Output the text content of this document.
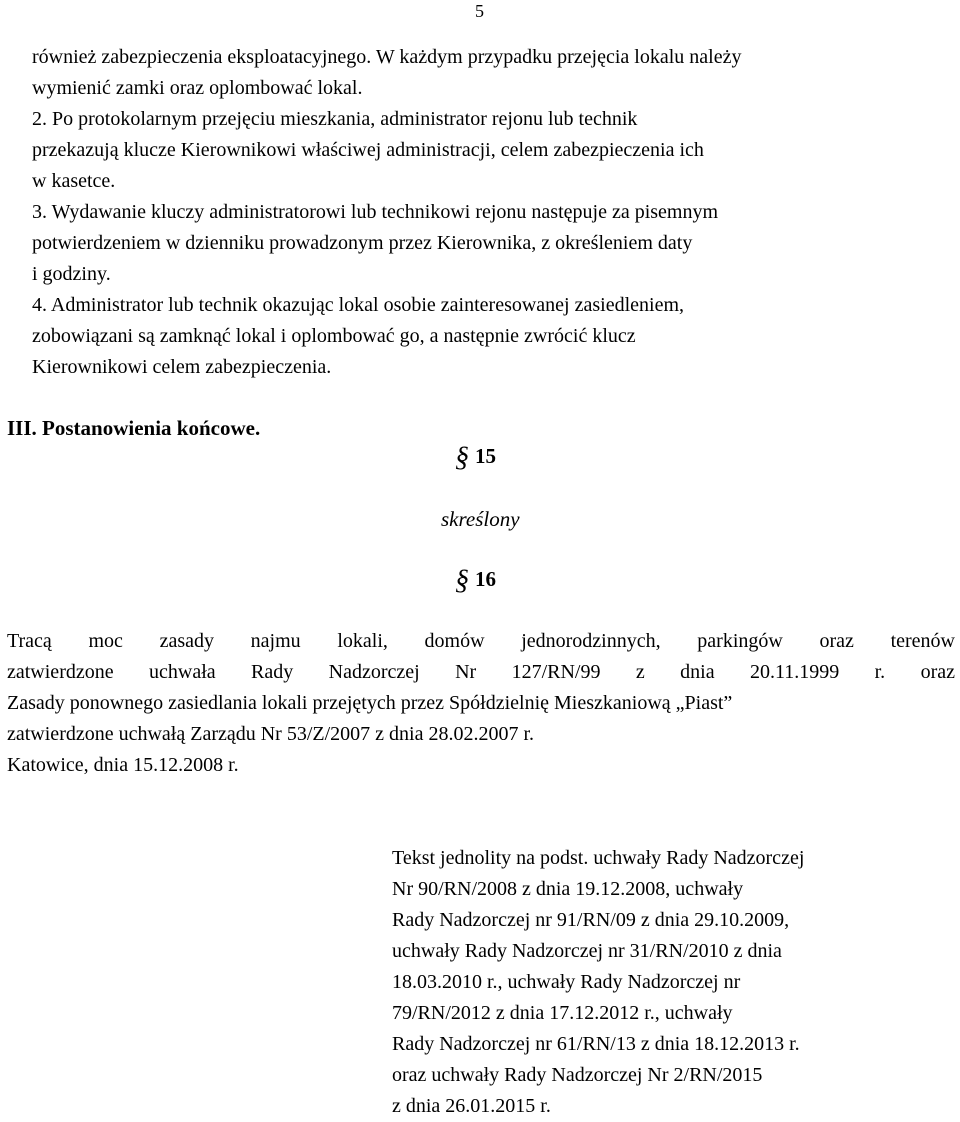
5
również zabezpieczenia eksploatacyjnego. W każdym przypadku przejęcia lokalu należy
wymienić zamki oraz oplombować lokal.
2. Po protokolarnym przejęciu mieszkania, administrator rejonu lub technik
przekazują klucze Kierownikowi właściwej administracji, celem zabezpieczenia ich
w kasetce.
3. Wydawanie kluczy administratorowi lub technikowi rejonu następuje za pisemnym
potwierdzeniem w dzienniku prowadzonym przez Kierownika, z określeniem daty
i godziny.
4. Administrator lub technik okazując lokal osobie zainteresowanej zasiedleniem,
zobowiązani są zamknąć lokal i oplombować go, a następnie zwrócić klucz
Kierownikowi celem zabezpieczenia.
III. Postanowienia końcowe.
§ 15
skreślony
§ 16
Tracą moc zasady najmu lokali, domów jednorodzinnych, parkingów oraz terenów
zatwierdzone uchwała Rady Nadzorczej Nr 127/RN/99 z dnia 20.11.1999 r. oraz
Zasady ponownego zasiedlania lokali przejętych przez Spółdzielnię Mieszkaniową „Piast”
zatwierdzone uchwałą Zarządu Nr 53/Z/2007 z dnia 28.02.2007 r.
Katowice, dnia 15.12.2008 r.
Tekst jednolity na podst. uchwały Rady Nadzorczej
Nr 90/RN/2008 z dnia 19.12.2008, uchwały
Rady Nadzorczej nr 91/RN/09 z dnia 29.10.2009,
uchwały Rady Nadzorczej nr 31/RN/2010 z dnia
18.03.2010 r., uchwały Rady Nadzorczej nr
79/RN/2012 z dnia 17.12.2012 r., uchwały
Rady Nadzorczej nr 61/RN/13 z dnia 18.12.2013 r.
oraz uchwały Rady Nadzorczej Nr 2/RN/2015
z dnia 26.01.2015 r.
